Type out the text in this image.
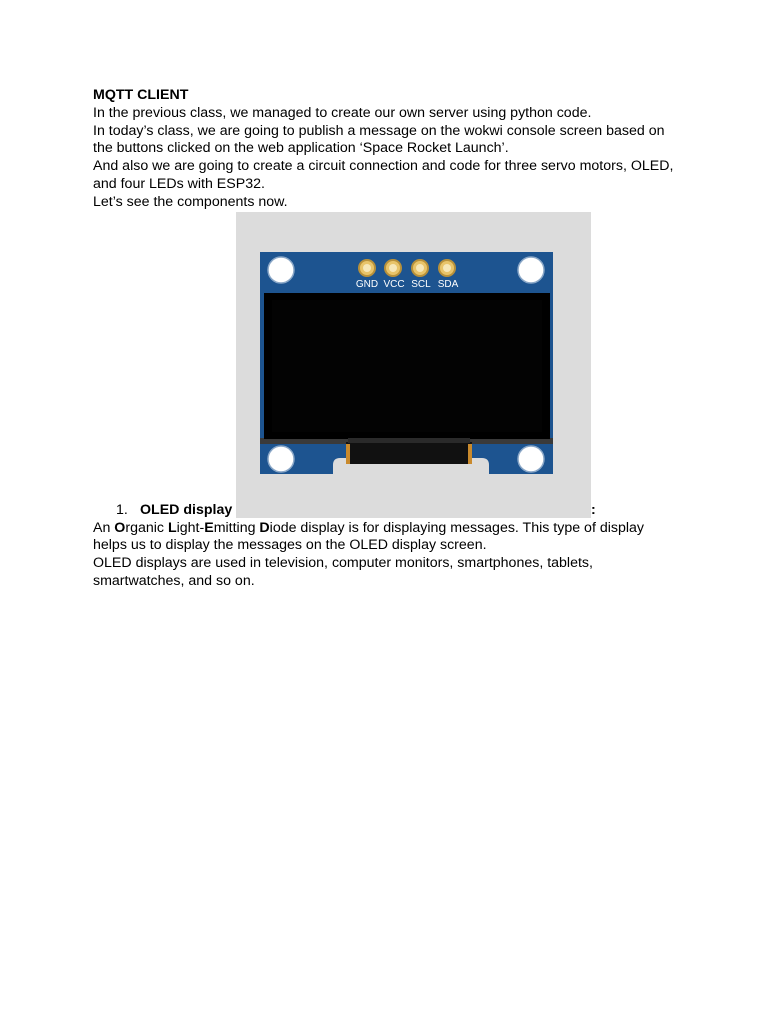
MQTT CLIENT
In the previous class, we managed to create our own server using python code.
In today’s class, we are going to publish a message on the wokwi console screen based on the buttons clicked on the web application ‘Space Rocket Launch’.
And also we are going to create a circuit connection and code for three servo motors, OLED, and four LEDs with ESP32.
Let’s see the components now.
GND VCC SCL SDA
1. OLED display	:
An Organic Light-Emitting Diode display is for displaying messages. This type of display helps us to display the messages on the OLED display screen.
OLED displays are used in television, computer monitors, smartphones, tablets, smartwatches, and so on.
